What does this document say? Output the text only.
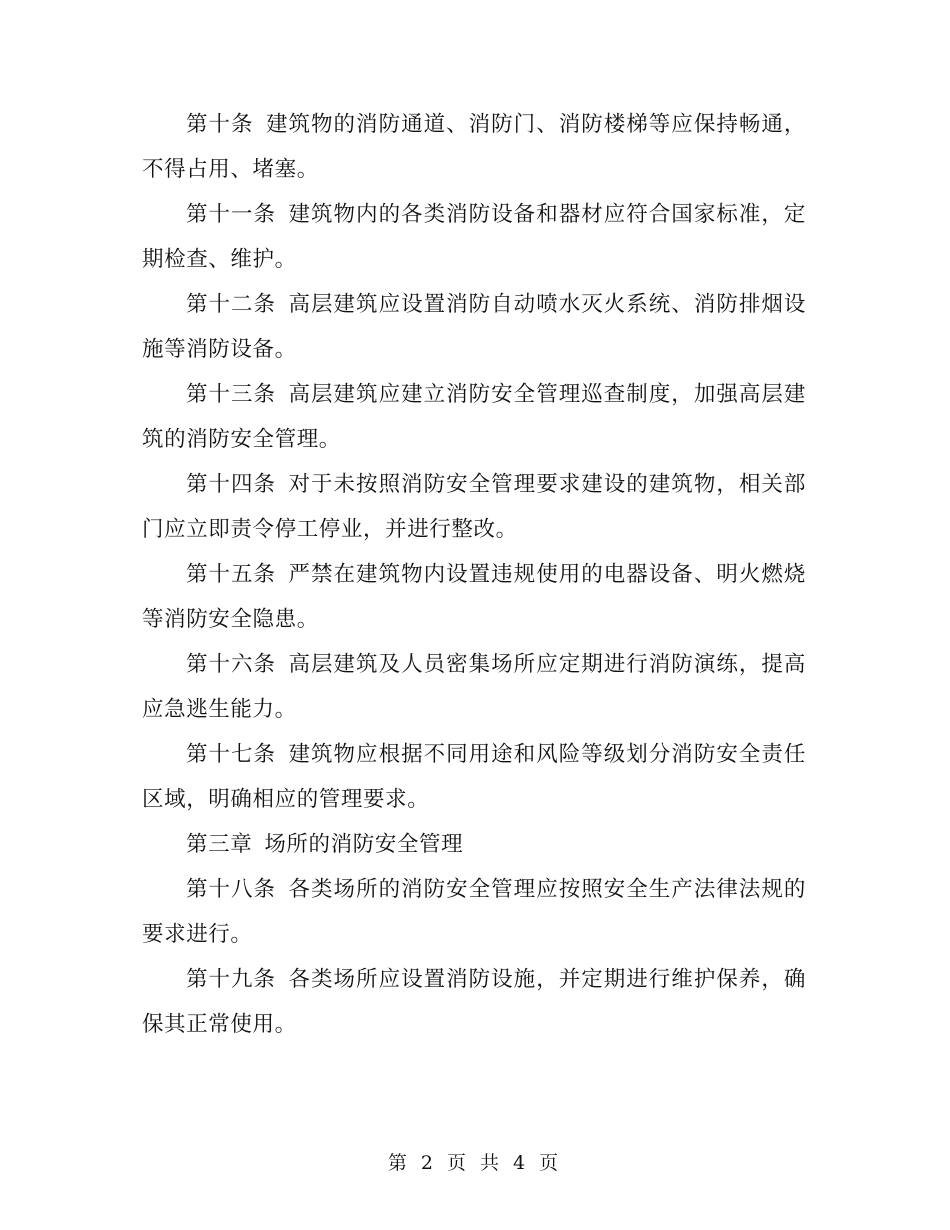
第十条 建筑物的消防通道、消防门、消防楼梯等应保持畅通，不得占用、堵塞。

第十一条 建筑物内的各类消防设备和器材应符合国家标准，定期检查、维护。

第十二条 高层建筑应设置消防自动喷水灭火系统、消防排烟设施等消防设备。

第十三条 高层建筑应建立消防安全管理巡查制度，加强高层建筑的消防安全管理。

第十四条 对于未按照消防安全管理要求建设的建筑物，相关部门应立即责令停工停业，并进行整改。

第十五条 严禁在建筑物内设置违规使用的电器设备、明火燃烧等消防安全隐患。

第十六条 高层建筑及人员密集场所应定期进行消防演练，提高应急逃生能力。

第十七条 建筑物应根据不同用途和风险等级划分消防安全责任区域，明确相应的管理要求。

第三章 场所的消防安全管理

第十八条 各类场所的消防安全管理应按照安全生产法律法规的要求进行。

第十九条 各类场所应设置消防设施，并定期进行维护保养，确保其正常使用。

第 2 页 共 4 页
